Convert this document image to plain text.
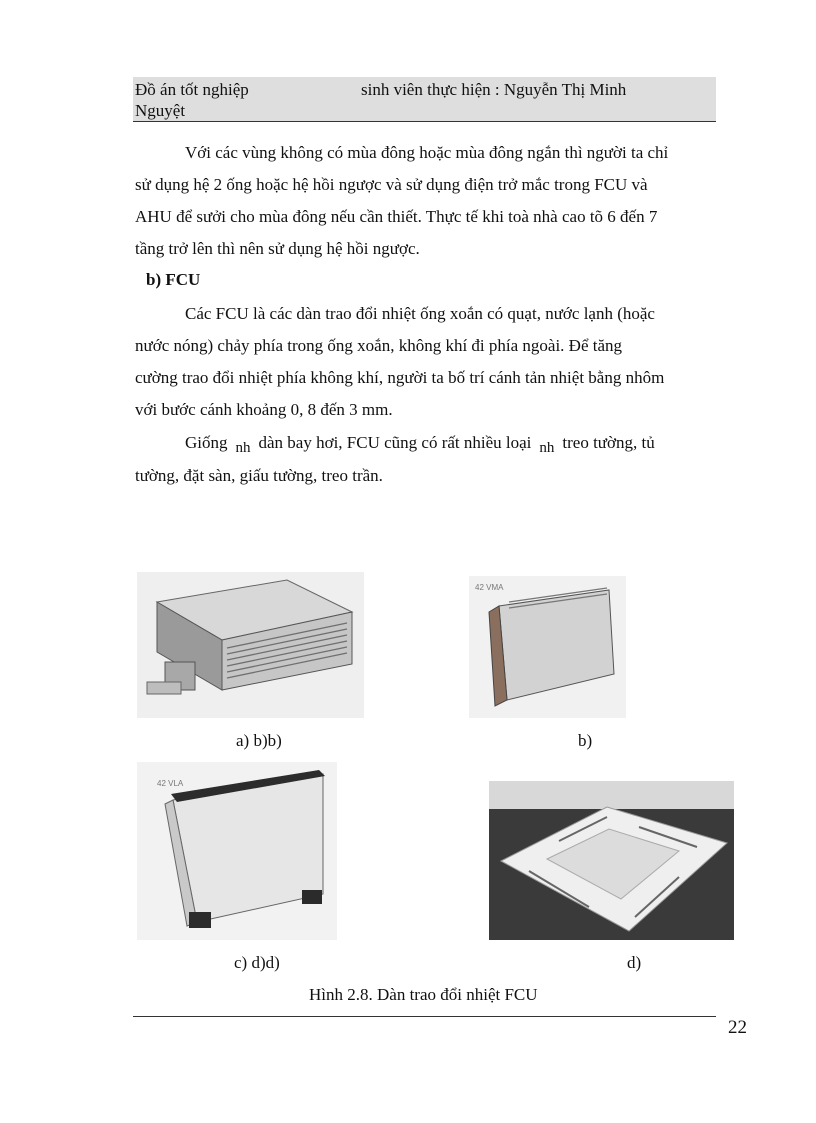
Đồ án tốt nghiệp	sinh viên thực hiện : Nguyễn Thị Minh
Nguyệt
Với các vùng không có mùa đông hoặc mùa đông ngắn thì người ta chỉ
sử dụng hệ 2 ống hoặc hệ hồi ngược và sử dụng điện trở mắc trong FCU và
AHU để sưởi cho mùa đông nếu cần thiết. Thực tế khi toà nhà cao tõ 6 đến 7
tầng trở lên thì nên sử dụng hệ hồi ngược.
b) FCU
Các FCU là các dàn trao đổi nhiệt ống xoắn có quạt, nước lạnh (hoặc
nước nóng) chảy phía trong ống xoắn, không khí đi phía ngoài. Để tăng
cường trao đổi nhiệt phía không khí, người ta bố trí cánh tản nhiệt bằng nhôm
với bước cánh khoảng 0, 8 đến 3 mm.
Giống nh dàn bay hơi, FCU cũng có rất nhiều loại nh treo tường, tủ
tường, đặt sàn, giấu tường, treo trần.
42 VMA
42 VLA
a) b)b)	b)
c) d)d)	d)
Hình 2.8. Dàn trao đổi nhiệt FCU
22
